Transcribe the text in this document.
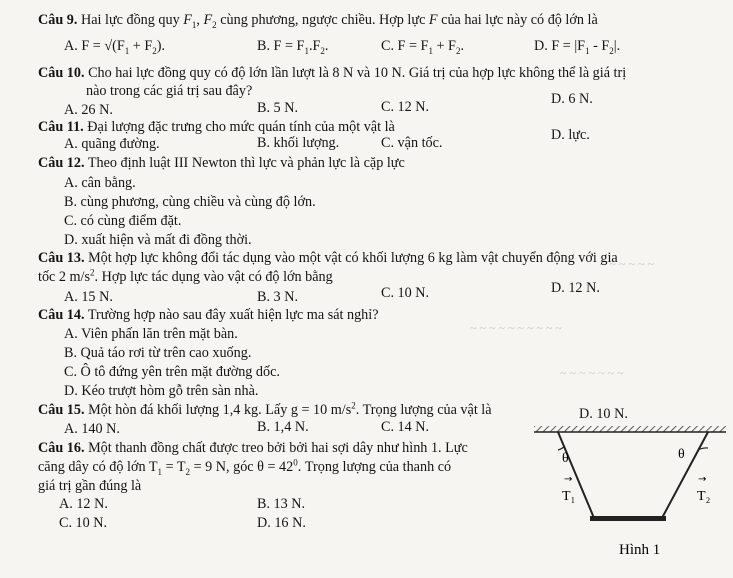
~ ~ ~ ~ ~ ~
~ ~ ~ ~ ~ ~ ~ ~ ~ ~
~ ~ ~ ~ ~ ~ ~
Câu 9. Hai lực đồng quy $F_1$, $F_2$ cùng phương, ngược chiều. Hợp lực F của hai lực này có độ lớn là
A. $F = √(F_1 + F_2)$.	B. $F = F_1.F_2$.	C. $F = F_1 + F_2$.	D. $F = |F_1 - F_2|$.
Câu 10. Cho hai lực đồng quy có độ lớn lần lượt là 8 N và 10 N. Giá trị của hợp lực không thể là giá trị
nào trong các giá trị sau đây?
A. 26 N.	B. 5 N.	C. 12 N.	D. 6 N.
Câu 11. Đại lượng đặc trưng cho mức quán tính của một vật là
A. quãng đường.	B. khối lượng.	C. vận tốc.	D. lực.
Câu 12. Theo định luật III Newton thì lực và phản lực là cặp lực
A. cân bằng.
B. cùng phương, cùng chiều và cùng độ lớn.
C. có cùng điểm đặt.
D. xuất hiện và mất đi đồng thời.
Câu 13. Một hợp lực không đổi tác dụng vào một vật có khối lượng 6 kg làm vật chuyển động với gia
tốc 2 $m/s^2$. Hợp lực tác dụng vào vật có độ lớn bằng
A. 15 N.	B. 3 N.	C. 10 N.	D. 12 N.
Câu 14. Trường hợp nào sau đây xuất hiện lực ma sát nghỉ?
A. Viên phấn lăn trên mặt bàn.
B. Quả táo rơi từ trên cao xuống.
C. Ô tô đứng yên trên mặt đường dốc.
D. Kéo trượt hòm gỗ trên sàn nhà.
Câu 15. Một hòn đá khối lượng 1,4 kg. Lấy g = 10 $m/s^2$. Trọng lượng của vật là
A. 140 N.	B. 1,4 N.	C. 14 N.
D. 10 N.
Câu 16. Một thanh đồng chất được treo bởi bởi hai sợi dây như hình 1. Lực
căng dây có độ lớn $T_1 = T_2 = 9$ N, góc $\theta = 42^0$. Trọng lượng của thanh có
giá trị gần đúng là
A. 12 N.	B. 13 N.
C. 10 N.	D. 16 N.
θ	θ
→
T₁
→
T₂
Hình 1
